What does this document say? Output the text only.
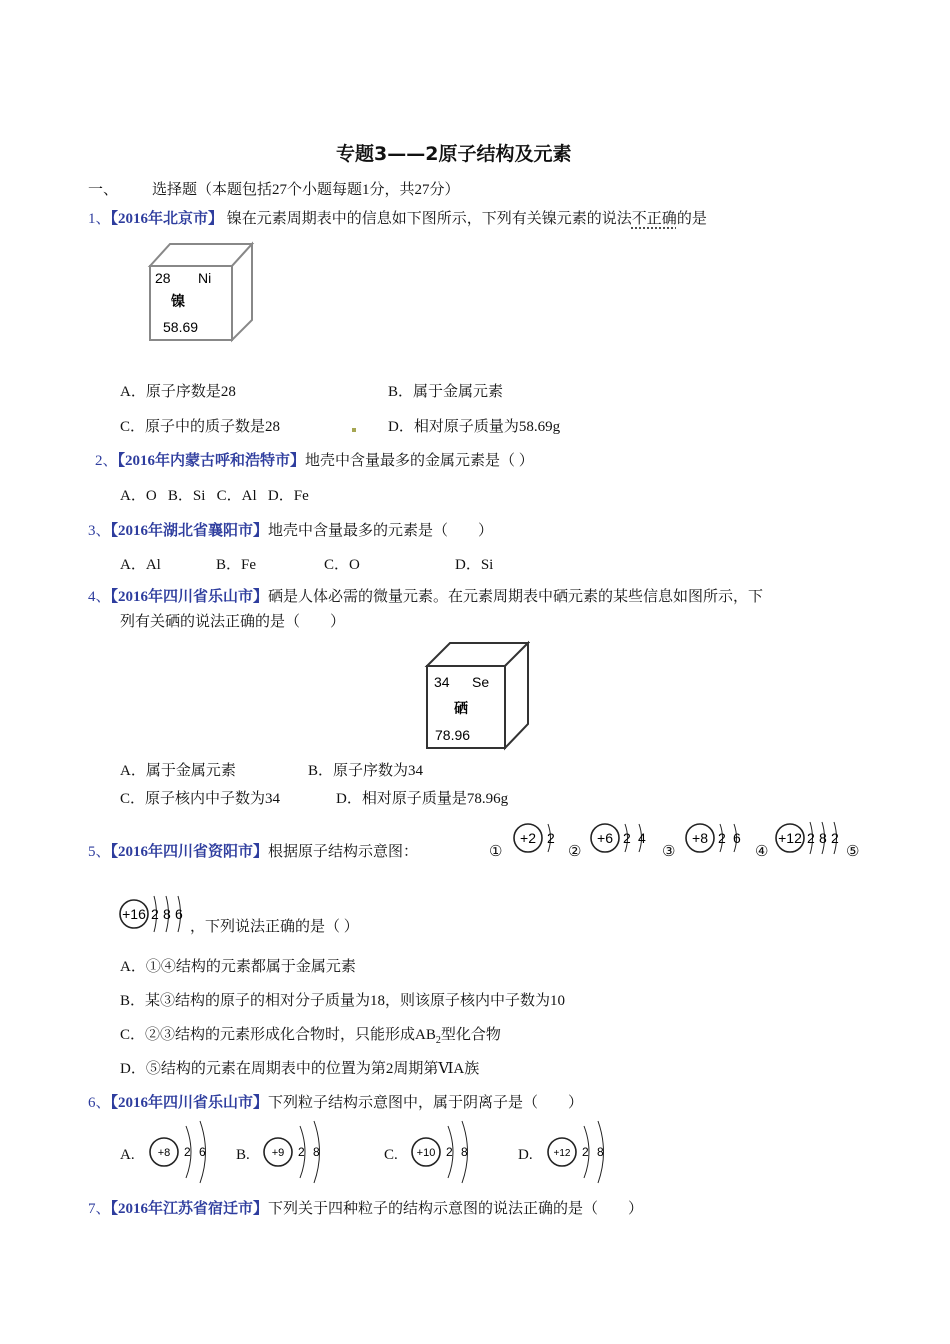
专题3——2原子结构及元素
一、 选择题（本题包括27个小题每题1分，共27分）
1、【2016年北京市】 镍在元素周期表中的信息如下图所示，下列有关镍元素的说法不正确的是
28 Ni
镍
58.69
A．原子序数是28	B．属于金属元素
C．原子中的质子数是28	D．相对原子质量为58.69g
2、【2016年内蒙古呼和浩特市】地壳中含量最多的金属元素是（ ）
A．O   B．Si   C．Al   D．Fe
3、【2016年湖北省襄阳市】地壳中含量最多的元素是（　　）
A．Al	B．Fe	C．O	D．Si
4、【2016年四川省乐山市】硒是人体必需的微量元素。在元素周期表中硒元素的某些信息如图所示，下
列有关硒的说法正确的是（　　）
34 Se
硒
78.96
A．属于金属元素	B．原子序数为34
C．原子核内中子数为34	D．相对原子质量是78.96g
5、【2016年四川省资阳市】根据原子结构示意图：	①
+2 2
②
+6 2 4
③
+8 2 6
④
+12 2 8 2
⑤
+16 2 8 6
，下列说法正确的是（ ）
A．①④结构的元素都属于金属元素
B．某③结构的原子的相对分子质量为18，则该原子核内中子数为10
C．②③结构的元素形成化合物时，只能形成$AB_2$型化合物
D．⑤结构的元素在周期表中的位置为第2周期第ⅥA族
6、【2016年四川省乐山市】下列粒子结构示意图中，属于阴离子是（　　）
A. +8 2 6 B. +9 2 8	C. +10 2 8	D. +12 2 8
7、【2016年江苏省宿迁市】下列关于四种粒子的结构示意图的说法正确的是（　　）
